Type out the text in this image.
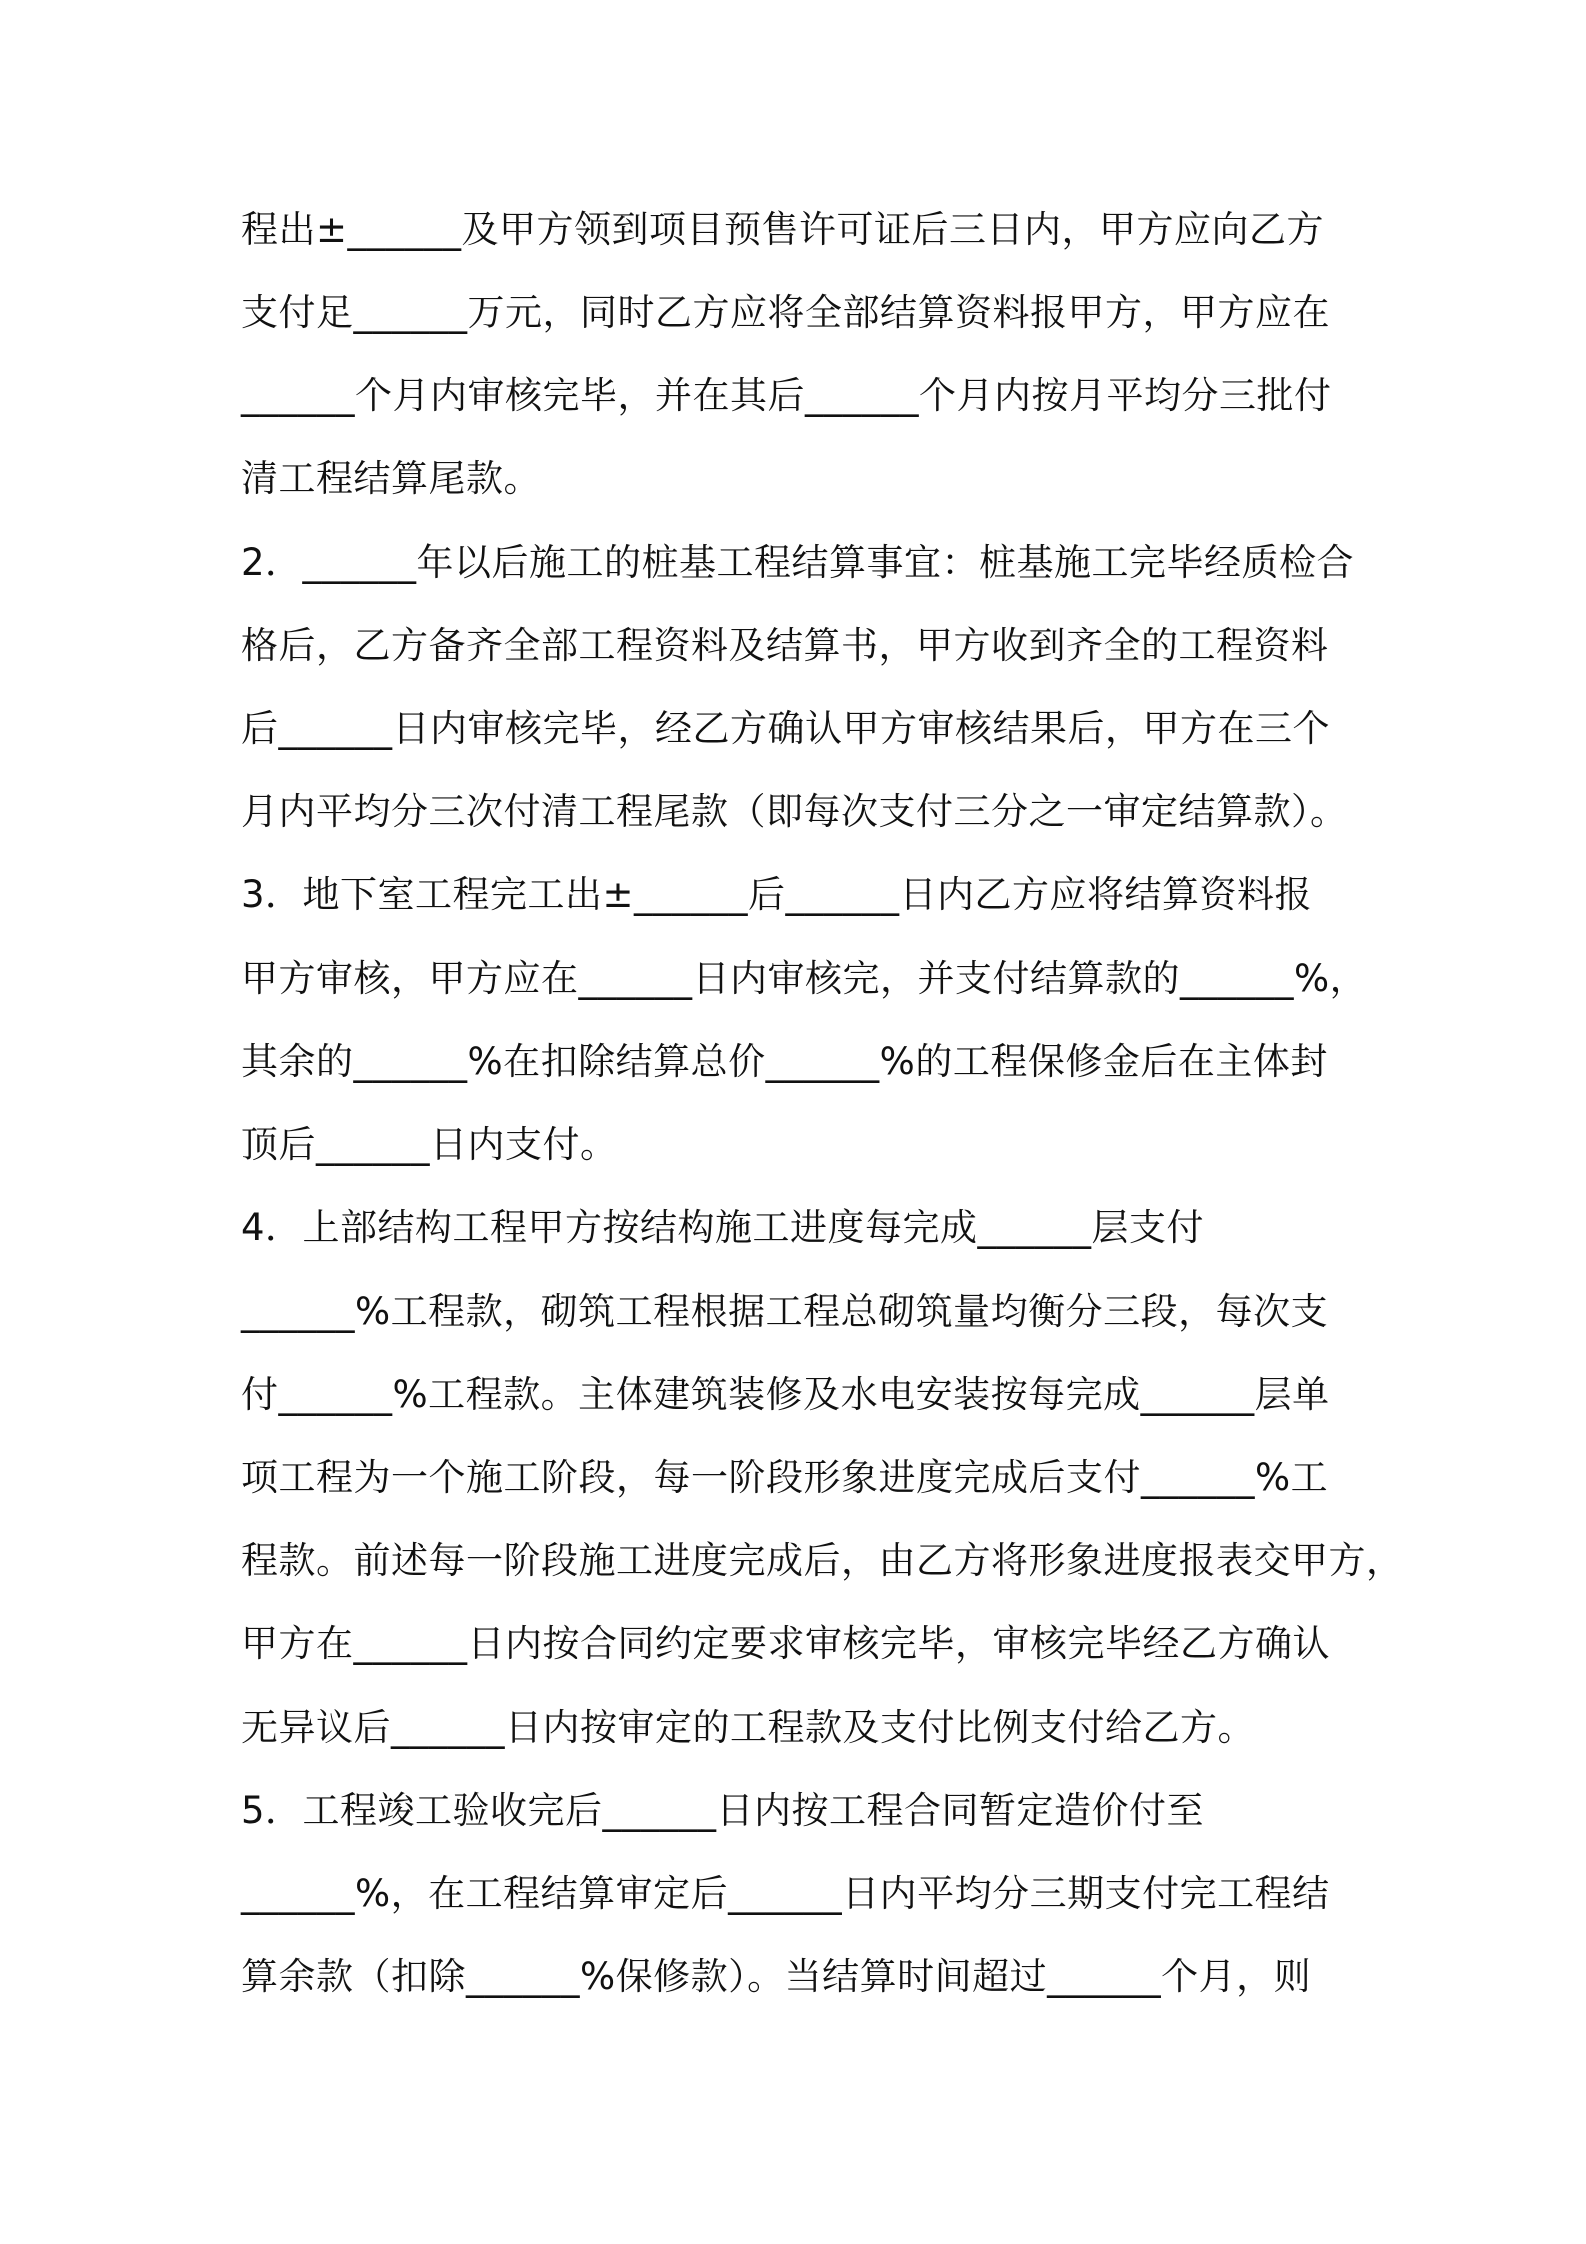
程出±______及甲方领到项目预售许可证后三日内，甲方应向乙方
支付足______万元，同时乙方应将全部结算资料报甲方，甲方应在
______个月内审核完毕，并在其后______个月内按月平均分三批付
清工程结算尾款。
2．______年以后施工的桩基工程结算事宜：桩基施工完毕经质检合
格后，乙方备齐全部工程资料及结算书，甲方收到齐全的工程资料
后______日内审核完毕，经乙方确认甲方审核结果后，甲方在三个
月内平均分三次付清工程尾款（即每次支付三分之一审定结算款）。
3．地下室工程完工出±______后______日内乙方应将结算资料报
甲方审核，甲方应在______日内审核完，并支付结算款的______%，
其余的______%在扣除结算总价______%的工程保修金后在主体封
顶后______日内支付。
4．上部结构工程甲方按结构施工进度每完成______层支付
______%工程款，砌筑工程根据工程总砌筑量均衡分三段，每次支
付______%工程款。主体建筑装修及水电安装按每完成______层单
项工程为一个施工阶段，每一阶段形象进度完成后支付______%工
程款。前述每一阶段施工进度完成后，由乙方将形象进度报表交甲方，
甲方在______日内按合同约定要求审核完毕，审核完毕经乙方确认
无异议后______日内按审定的工程款及支付比例支付给乙方。
5．工程竣工验收完后______日内按工程合同暂定造价付至
______%，在工程结算审定后______日内平均分三期支付完工程结
算余款（扣除______%保修款）。当结算时间超过______个月，则
